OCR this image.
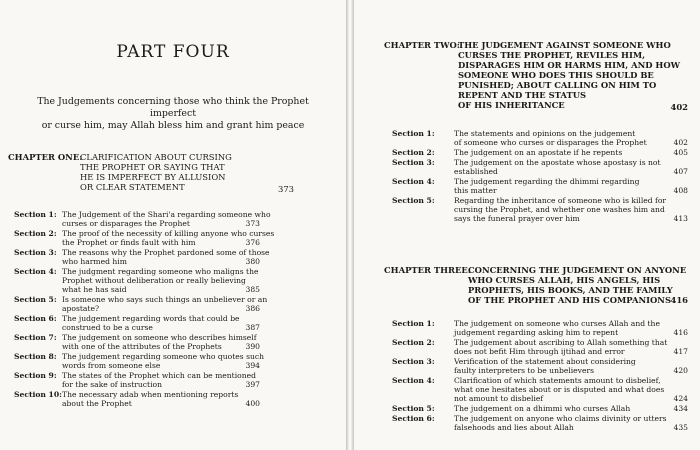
PART FOUR
The Judgements concerning those who think the Prophet imperfect
or curse him, may Allah bless him and grant him peace
CHAPTER ONE:
CLARIFICATION ABOUT CURSING
THE PROPHET OR SAYING THAT
HE IS IMPERFECT BY ALLUSION
OR CLEAR STATEMENT	373
Section 1: The Judgement of the Shari'a regarding someone who
curses or disparages the Prophet	373
Section 2: The proof of the necessity of killing anyone who curses
the Prophet or finds fault with him	376
Section 3: The reasons why the Prophet pardoned some of those
who harmed him	380
Section 4: The judgment regarding someone who maligns the
Prophet without deliberation or really believing
what he has said	385
Section 5: Is someone who says such things an unbeliever or an
apostate?	386
Section 6: The judgement regarding words that could be
construed to be a curse	387
Section 7: The judgement on someone who describes himself
with one of the attributes of the Prophets	390
Section 8: The judgement regarding someone who quotes such
words from someone else	394
Section 9: The states of the Prophet which can be mentioned
for the sake of instruction	397
Section 10: The necessary adab when mentioning reports
about the Prophet	400
CHAPTER TWO:
THE JUDGEMENT AGAINST SOMEONE WHO
CURSES THE PROPHET, REVILES HIM,
DISPARAGES HIM OR HARMS HIM, AND HOW
SOMEONE WHO DOES THIS SHOULD BE
PUNISHED; ABOUT CALLING ON HIM TO
REPENT AND THE STATUS
OF HIS INHERITANCE	402
Section 1:	The statements and opinions on the judgement
of someone who curses or disparages the Prophet	402
Section 2:	The judgement on an apostate if he repents	405
Section 3:	The judgement on the apostate whose apostasy is not
established	407
Section 4:	The judgement regarding the dhimmi regarding
this matter	408
Section 5:	Regarding the inheritance of someone who is killed for
cursing the Prophet, and whether one washes him and
says the funeral prayer over him	413
CHAPTER THREE:
CONCERNING THE JUDGEMENT ON ANYONE
WHO CURSES ALLAH, HIS ANGELS, HIS
PROPHETS, HIS BOOKS, AND THE FAMILY
OF THE PROPHET AND HIS COMPANIONS 416
Section 1:	The judgement on someone who curses Allah and the
judgement regarding asking him to repent	416
Section 2:	The judgement about ascribing to Allah something that
does not befit Him through ijtihad and error	417
Section 3:	Verification of the statement about considering
faulty interpreters to be unbelievers	420
Section 4:	Clarification of which statements amount to disbelief,
what one hesitates about or is disputed and what does
not amount to disbelief	424
Section 5:	The judgement on a dhimmi who curses Allah	434
Section 6:	The judgement on anyone who claims divinity or utters
falsehoods and lies about Allah	435
